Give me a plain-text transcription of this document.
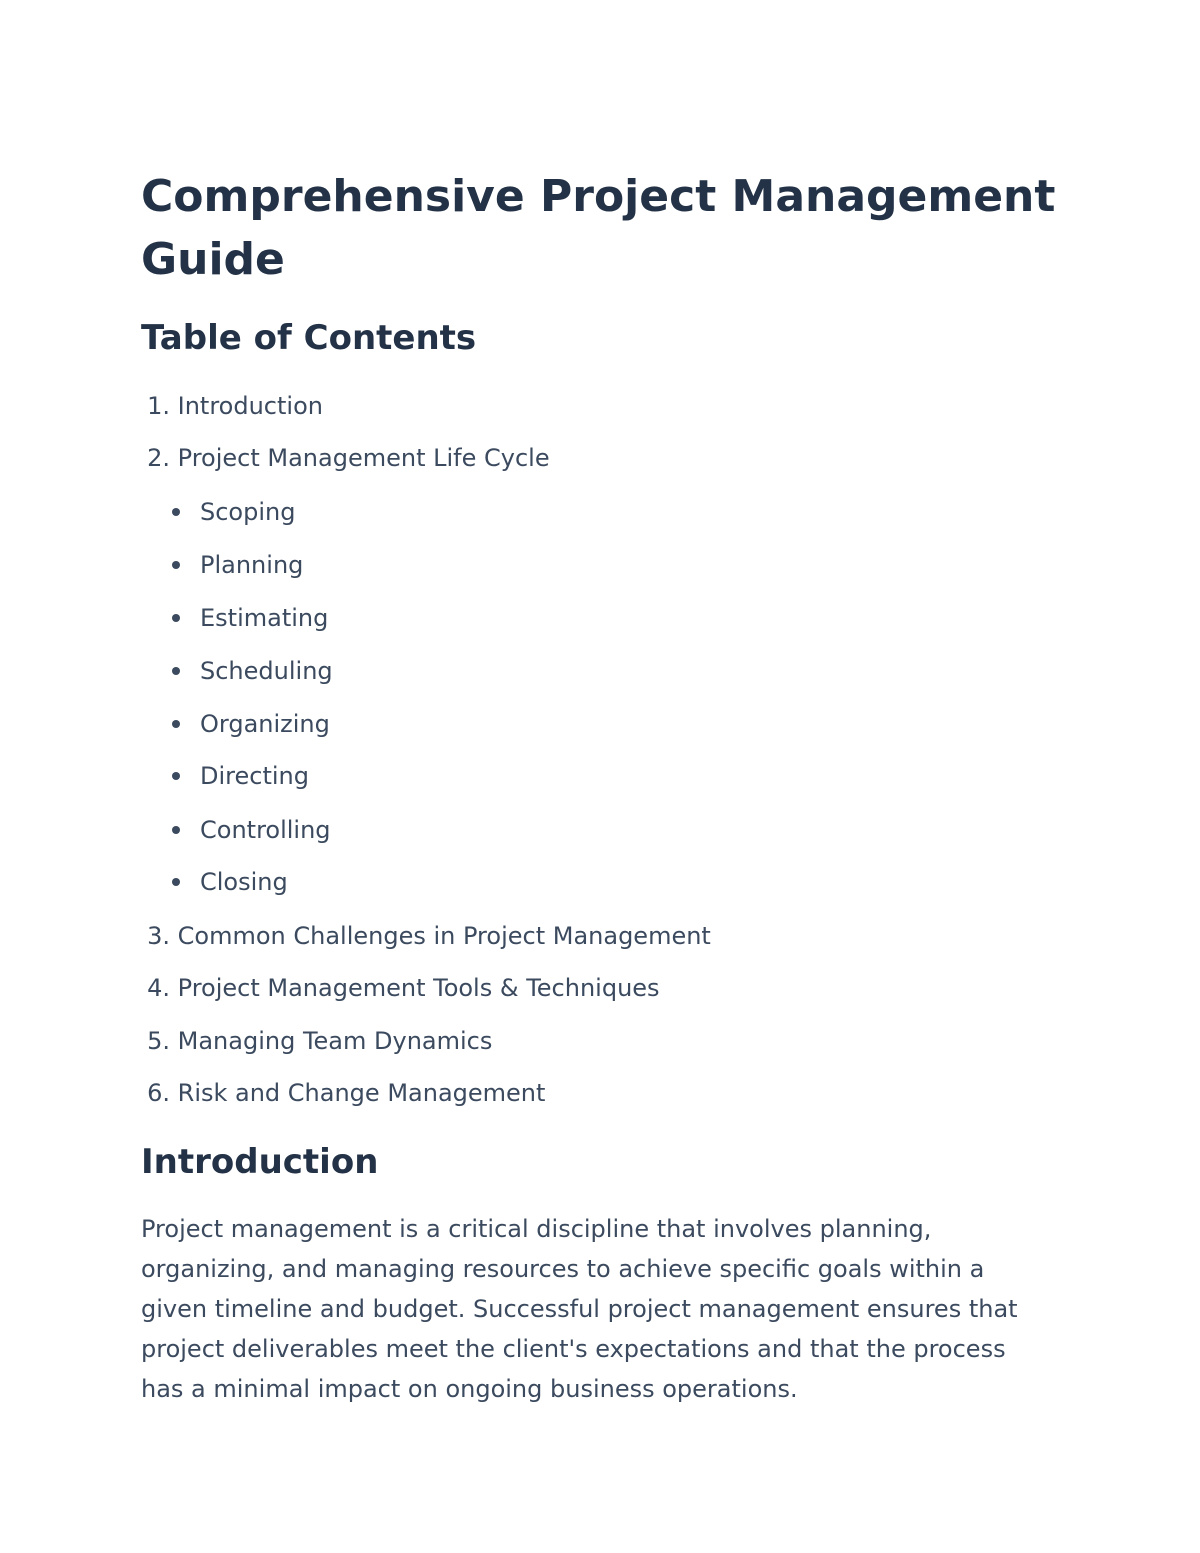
Comprehensive Project Management Guide
Table of Contents
1. Introduction
2. Project Management Life Cycle
Scoping
Planning
Estimating
Scheduling
Organizing
Directing
Controlling
Closing
3. Common Challenges in Project Management
4. Project Management Tools & Techniques
5. Managing Team Dynamics
6. Risk and Change Management
Introduction

Project management is a critical discipline that involves planning, organizing, and managing resources to achieve specific goals within a given timeline and budget. Successful project management ensures that project deliverables meet the client's expectations and that the process has a minimal impact on ongoing business operations.
